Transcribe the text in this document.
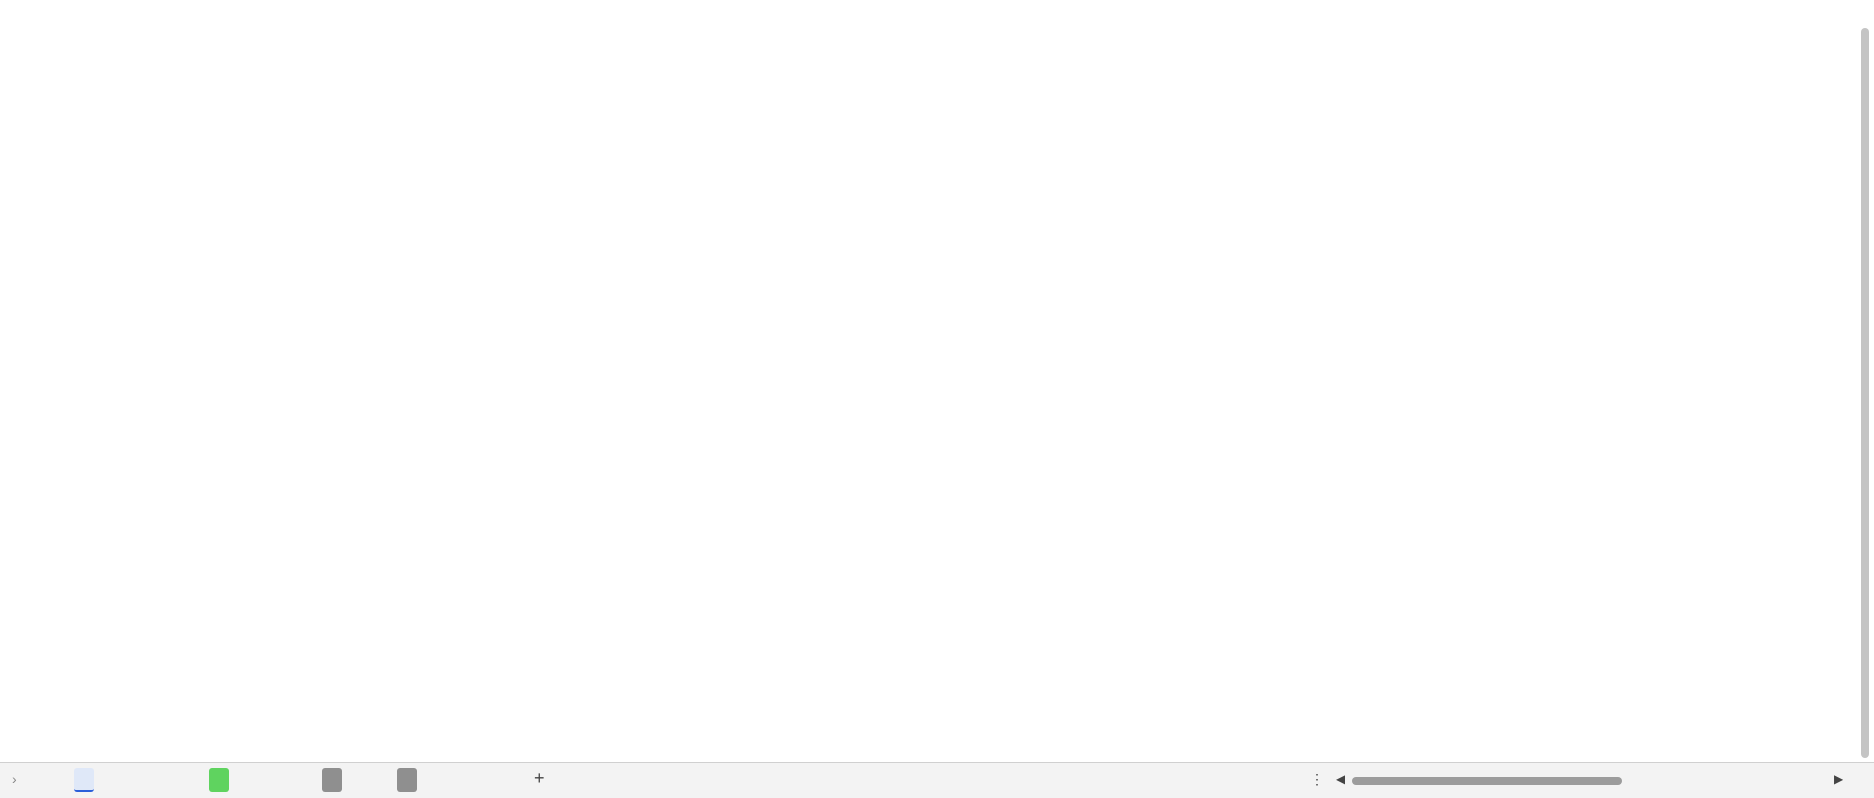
›	+	⋮ ◀	▶
